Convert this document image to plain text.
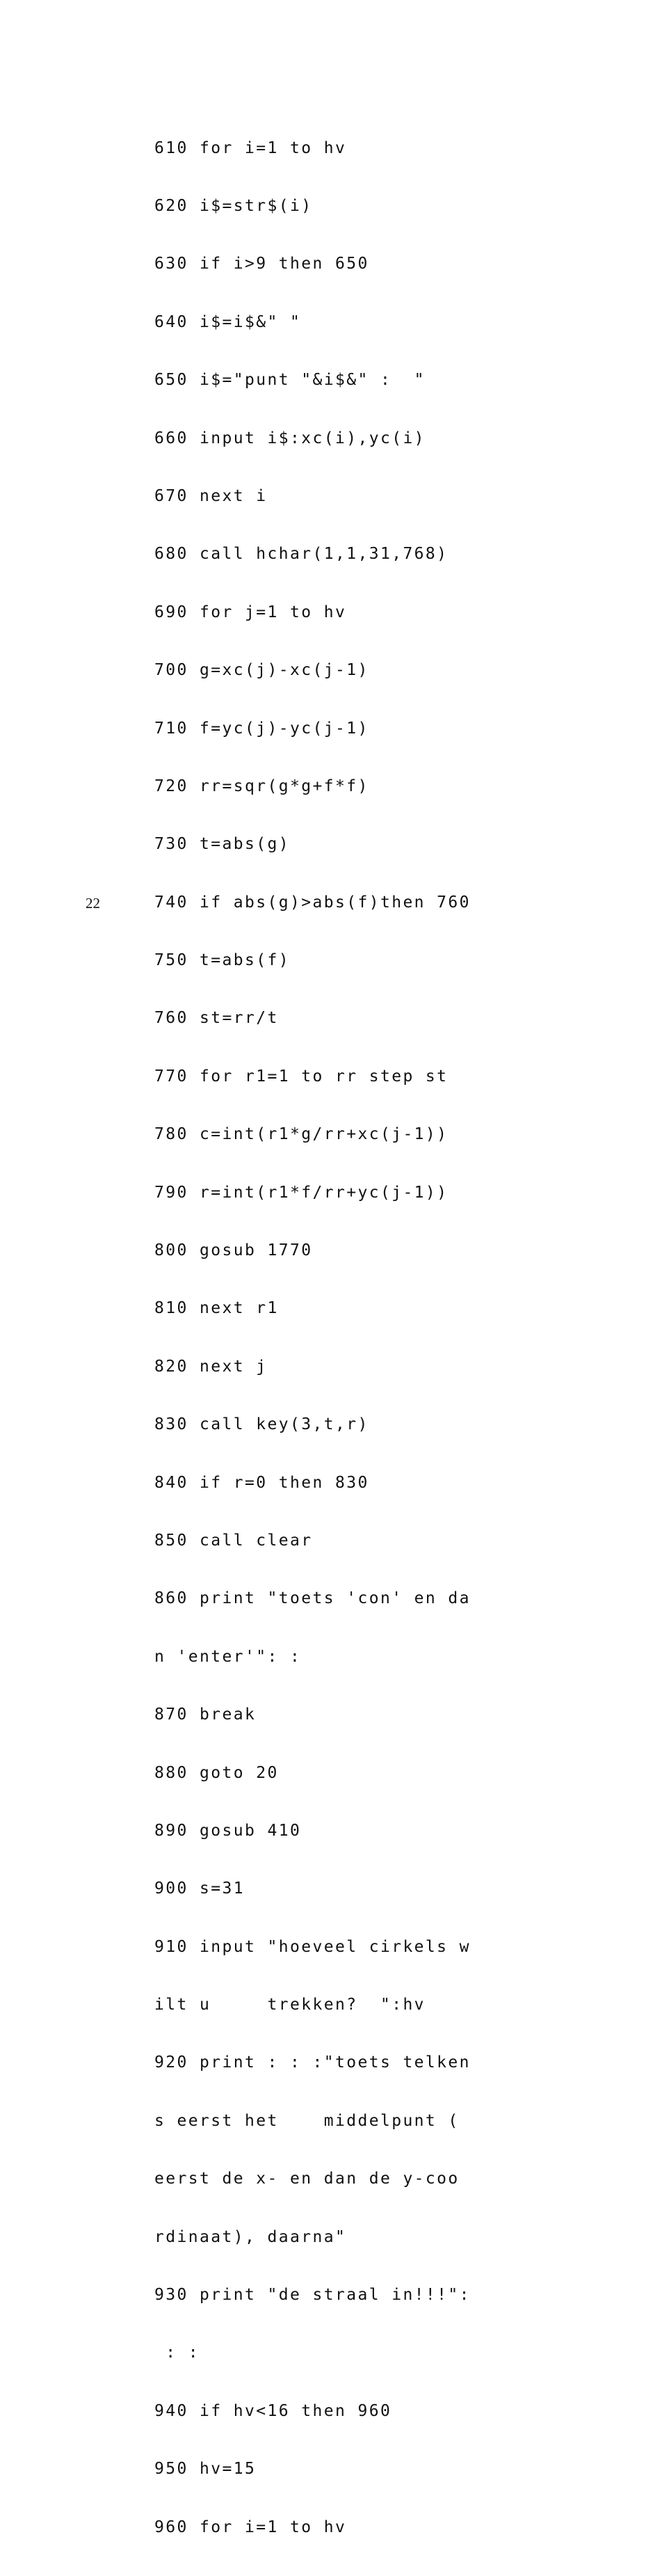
610 for i=1 to hv

620 i$=str$(i)

630 if i>9 then 650

640 i$=i$&" "

650 i$="punt "&i$&" :  "

660 input i$:xc(i),yc(i)

670 next i

680 call hchar(1,1,31,768)

690 for j=1 to hv

700 g=xc(j)-xc(j-1)

710 f=yc(j)-yc(j-1)

720 rr=sqr(g*g+f*f)

730 t=abs(g)

740 if abs(g)>abs(f)then 760

750 t=abs(f)

760 st=rr/t

770 for r1=1 to rr step st

780 c=int(r1*g/rr+xc(j-1))

790 r=int(r1*f/rr+yc(j-1))

800 gosub 1770

810 next r1

820 next j

830 call key(3,t,r)

840 if r=0 then 830

850 call clear

860 print "toets 'con' en da

n 'enter'": :

870 break

880 goto 20

890 gosub 410

900 s=31

910 input "hoeveel cirkels w

ilt u     trekken?  ":hv

920 print : : :"toets telken

s eerst het    middelpunt (

eerst de x- en dan de y-coo

rdinaat), daarna"

930 print "de straal in!!!":

: :

940 if hv<16 then 960

950 hv=15

960 for i=1 to hv

22
